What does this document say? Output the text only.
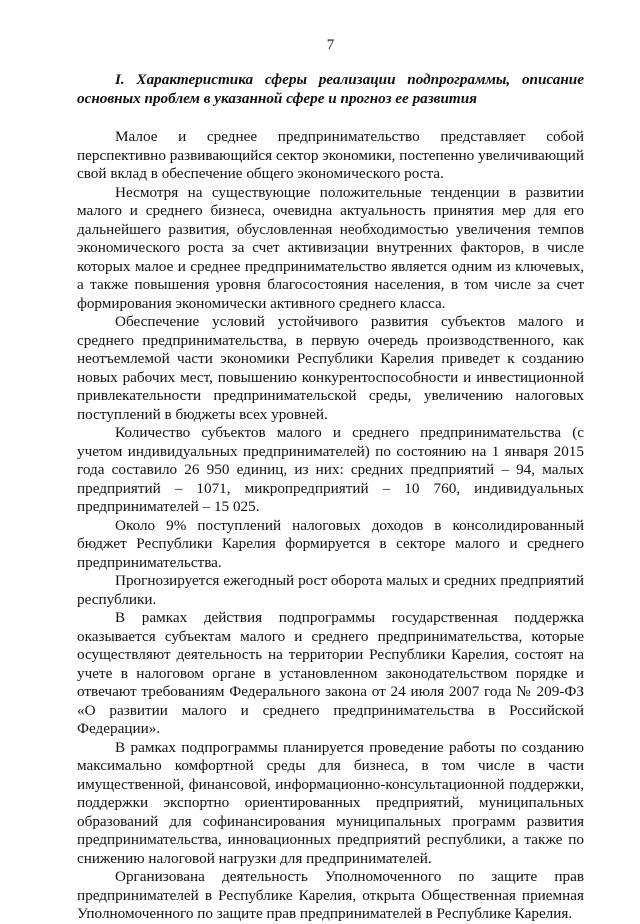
7
I. Характеристика сферы реализации подпрограммы, описание основных проблем в указанной сфере и прогноз ее развития

Малое и среднее предпринимательство представляет собой перспективно развивающийся сектор экономики, постепенно увеличивающий свой вклад в обеспечение общего экономического роста.

Несмотря на существующие положительные тенденции в развитии малого и среднего бизнеса, очевидна актуальность принятия мер для его дальнейшего развития, обусловленная необходимостью увеличения темпов экономического роста за счет активизации внутренних факторов, в числе которых малое и среднее предпринимательство является одним из ключевых, а также повышения уровня благосостояния населения, в том числе за счет формирования экономически активного среднего класса.

Обеспечение условий устойчивого развития субъектов малого и среднего предпринимательства, в первую очередь производственного, как неотъемлемой части экономики Республики Карелия приведет к созданию новых рабочих мест, повышению конкурентоспособности и инвестиционной привлекательности предпринимательской среды, увеличению налоговых поступлений в бюджеты всех уровней.

Количество субъектов малого и среднего предпринимательства (с учетом индивидуальных предпринимателей) по состоянию на 1 января 2015 года составило 26 950 единиц, из них: средних предприятий – 94, малых предприятий – 1071, микропредприятий – 10 760, индивидуальных предпринимателей – 15 025.

Около 9% поступлений налоговых доходов в консолидированный бюджет Республики Карелия формируется в секторе малого и среднего предпринимательства.

Прогнозируется ежегодный рост оборота малых и средних предприятий республики.

В рамках действия подпрограммы государственная поддержка оказывается субъектам малого и среднего предпринимательства, которые осуществляют деятельность на территории Республики Карелия, состоят на учете в налоговом органе в установленном законодательством порядке и отвечают требованиям Федерального закона от 24 июля 2007 года № 209-ФЗ «О развитии малого и среднего предпринимательства в Российской Федерации».

В рамках подпрограммы планируется проведение работы по созданию максимально комфортной среды для бизнеса, в том числе в части имущественной, финансовой, информационно-консультационной поддержки, поддержки экспортно ориентированных предприятий, муниципальных образований для софинансирования муниципальных программ развития предпринимательства, инновационных предприятий республики, а также по снижению налоговой нагрузки для предпринимателей.

Организована деятельность Уполномоченного по защите прав предпринимателей в Республике Карелия, открыта Общественная приемная Уполномоченного по защите прав предпринимателей в Республике Карелия.
